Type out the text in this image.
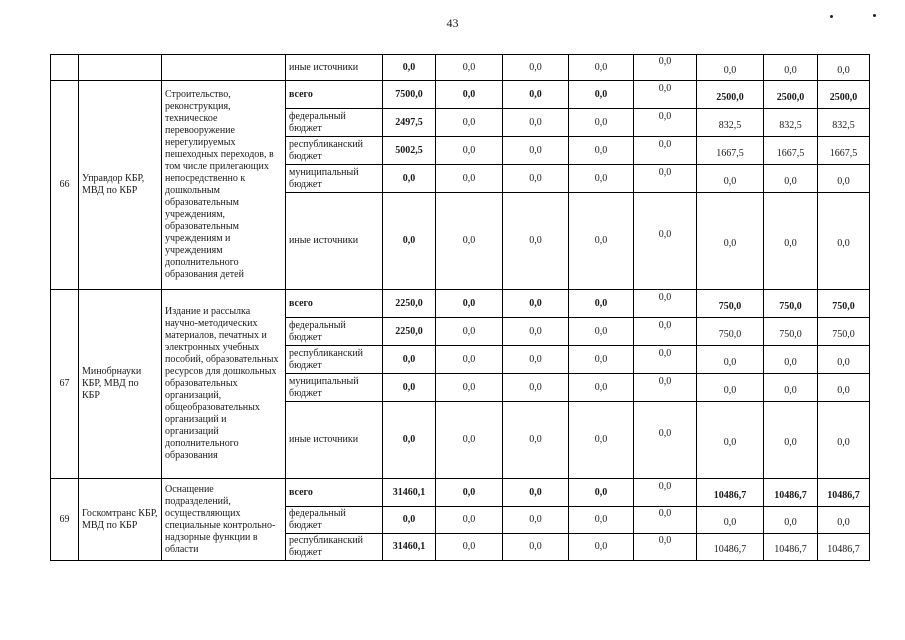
43
			иные источники	0,0	0,0	0,0	0,0	0,0	0,0	0,0	0,0
66	Управдор КБР, МВД по КБР	Строительство, реконструкция, техническое перевооружение нерегулируемых пешеходных переходов, в том числе прилегающих непосредственно к дошкольным образовательным учреждениям, образовательным учреждениям и учреждениям дополнительного образования детей	всего	7500,0	0,0	0,0	0,0	0,0	2500,0	2500,0	2500,0
			федеральный бюджет	2497,5	0,0	0,0	0,0	0,0	832,5	832,5	832,5
			республиканский бюджет	5002,5	0,0	0,0	0,0	0,0	1667,5	1667,5	1667,5
			муниципальный бюджет	0,0	0,0	0,0	0,0	0,0	0,0	0,0	0,0
			иные источники	0,0	0,0	0,0	0,0	0,0	0,0	0,0	0,0
67	Минобрнауки КБР, МВД по КБР	Издание и рассылка научно-методических материалов, печатных и электронных учебных пособий, образовательных ресурсов для дошкольных образовательных организаций, общеобразовательных организаций и организаций дополнительного образования	всего	2250,0	0,0	0,0	0,0	0,0	750,0	750,0	750,0
			федеральный бюджет	2250,0	0,0	0,0	0,0	0,0	750,0	750,0	750,0
			республиканский бюджет	0,0	0,0	0,0	0,0	0,0	0,0	0,0	0,0
			муниципальный бюджет	0,0	0,0	0,0	0,0	0,0	0,0	0,0	0,0
			иные источники	0,0	0,0	0,0	0,0	0,0	0,0	0,0	0,0
69	Госкомтранс КБР, МВД по КБР	Оснащение подразделений, осуществляющих специальные контрольно-надзорные функции в области	всего	31460,1	0,0	0,0	0,0	0,0	10486,7	10486,7	10486,7
			федеральный бюджет	0,0	0,0	0,0	0,0	0,0	0,0	0,0	0,0
			республиканский бюджет	31460,1	0,0	0,0	0,0	0,0	10486,7	10486,7	10486,7
